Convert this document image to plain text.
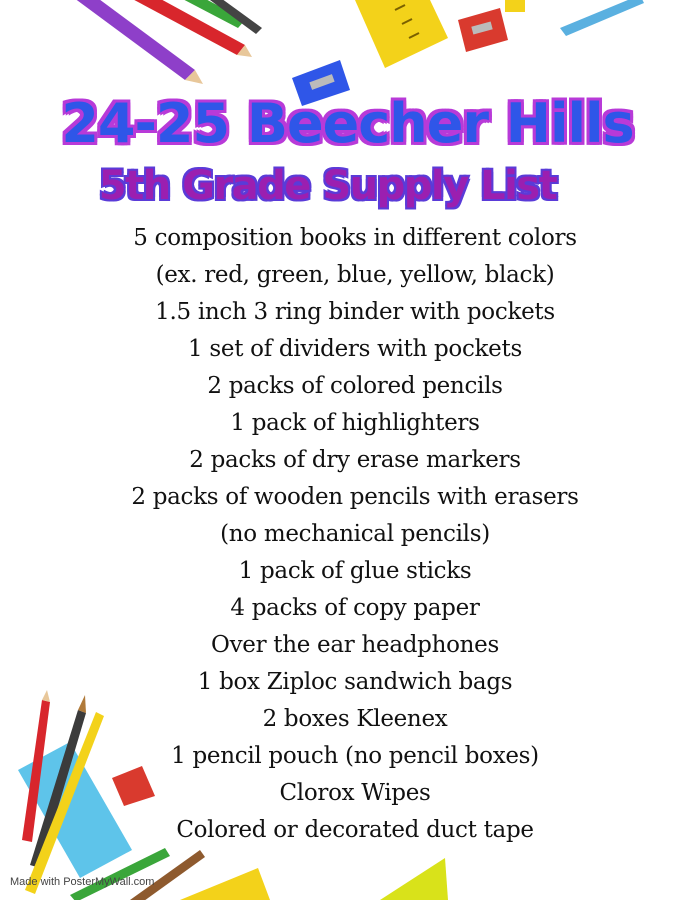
24-25 Beecher Hills
5th Grade Supply List
5 composition books in different colors
(ex. red, green, blue, yellow, black)
1.5 inch 3 ring binder with pockets
1 set of dividers with pockets
2 packs of colored pencils
1 pack of highlighters
2 packs of dry erase markers
2 packs of wooden pencils with erasers
(no mechanical pencils)
1 pack of glue sticks
4 packs of copy paper
Over the ear headphones
1 box Ziploc sandwich bags
2 boxes Kleenex
1 pencil pouch (no pencil boxes)
Clorox Wipes
Colored or decorated duct tape
Made with PosterMyWall.com
